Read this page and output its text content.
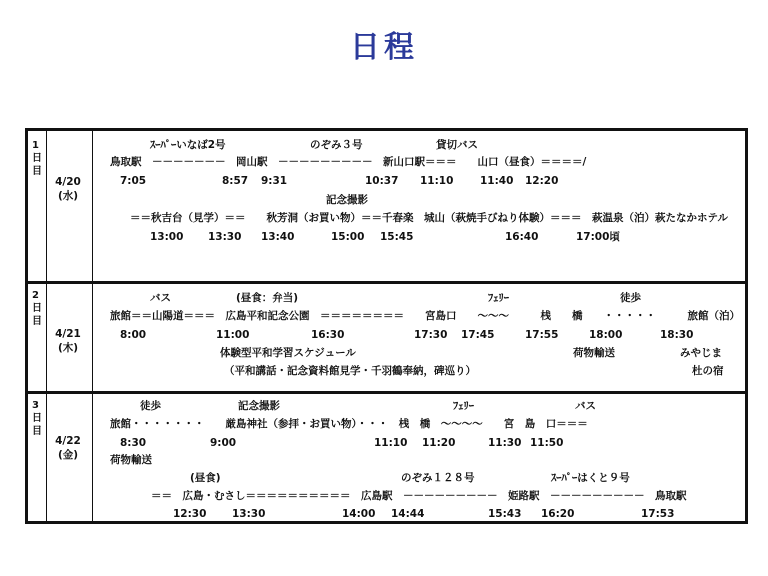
日程
1
日
目
4/20
(水)
ｽｰﾊﾟｰいなば2号	のぞみ３号	貸切バス
鳥取駅　－－－－－－－　岡山駅　－－－－－－－－－　新山口駅＝＝＝　　山口（昼食）＝＝＝＝/
7:05	8:57 9:31	10:37 11:10	11:40 12:20
記念撮影
＝＝秋吉台（見学）＝＝　　秋芳洞（お買い物）＝＝千春楽　城山（萩焼手びねり体験）＝＝＝　萩温泉（泊）萩たなかホテル
13:00 13:30 13:40	15:00 15:45	16:40	17:00頃
2
日
目
4/21
(木)
バス	(昼食：弁当)	ﾌｪﾘｰ	徒歩
旅館＝＝山陽道＝＝＝　広島平和記念公園　＝＝＝＝＝＝＝＝　　宮島口　　～～～　　　桟　　橋　　・・・・・　　　旅館（泊）
8:00	11:00	16:30	17:30 17:45	17:55	18:00	18:30
体験型平和学習スケジュール	荷物輸送	みやじま
（平和講話・記念資料館見学・千羽鶴奉納，碑巡り）	杜の宿
3
日
目
4/22
(金)
徒歩	記念撮影	ﾌｪﾘｰ	バス
旅館・・・・・・・　　厳島神社（参拝・お買い物）・・・　桟　橋　～～～～　　宮　島　口＝＝＝
8:30	9:00	11:10 11:20	11:30 11:50
荷物輸送
(昼食)	のぞみ１２８号	ｽｰﾊﾟｰはくと９号
＝＝　広島・むさし＝＝＝＝＝＝＝＝＝＝　広島駅　－－－－－－－－－　姫路駅　－－－－－－－－－　鳥取駅
12:30 13:30	14:00 14:44	15:43 16:20	17:53
